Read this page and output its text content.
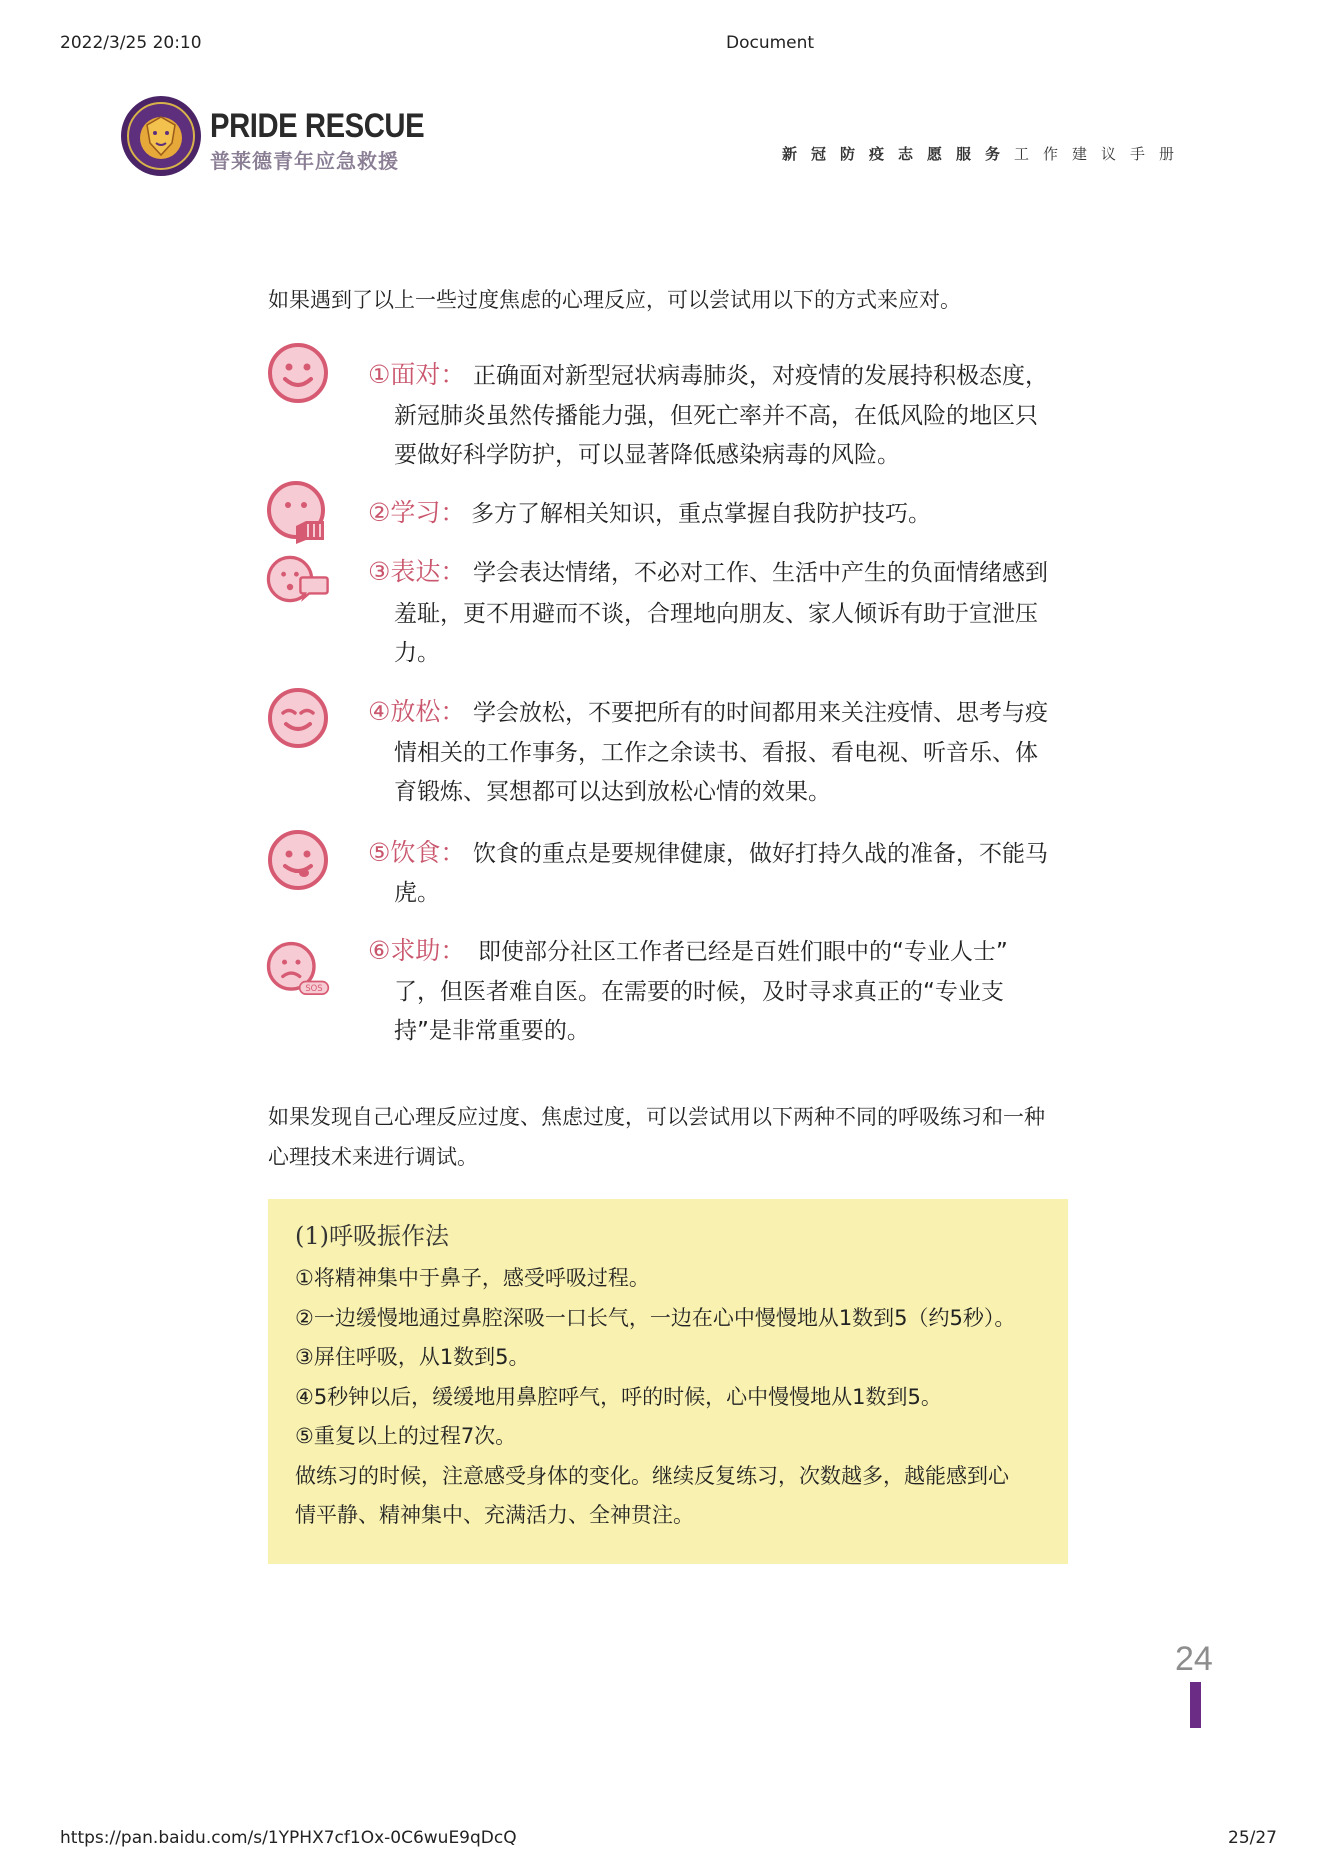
2022/3/25 20:10	Document
PRIDE RESCUE
普莱德青年应急救援	新冠防疫志愿服务工作建议手册
如果遇到了以上一些过度焦虑的心理反应，可以尝试用以下的方式来应对。
①面对： 正确面对新型冠状病毒肺炎，对疫情的发展持积极态度，
新冠肺炎虽然传播能力强，但死亡率并不高，在低风险的地区只
要做好科学防护，可以显著降低感染病毒的风险。
②学习： 多方了解相关知识，重点掌握自我防护技巧。
③表达： 学会表达情绪，不必对工作、生活中产生的负面情绪感到
羞耻，更不用避而不谈，合理地向朋友、家人倾诉有助于宣泄压
力。
④放松： 学会放松，不要把所有的时间都用来关注疫情、思考与疫
情相关的工作事务，工作之余读书、看报、看电视、听音乐、体
育锻炼、冥想都可以达到放松心情的效果。
⑤饮食： 饮食的重点是要规律健康，做好打持久战的准备，不能马
虎。
SOS
⑥求助： 即使部分社区工作者已经是百姓们眼中的“专业人士”
了，但医者难自医。在需要的时候，及时寻求真正的“专业支
持”是非常重要的。
如果发现自己心理反应过度、焦虑过度，可以尝试用以下两种不同的呼吸练习和一种
心理技术来进行调试。
(1)呼吸振作法
①将精神集中于鼻子，感受呼吸过程。
②一边缓慢地通过鼻腔深吸一口长气，一边在心中慢慢地从1数到5（约5秒）。
③屏住呼吸，从1数到5。
④5秒钟以后，缓缓地用鼻腔呼气，呼的时候，心中慢慢地从1数到5。
⑤重复以上的过程7次。
做练习的时候，注意感受身体的变化。继续反复练习，次数越多，越能感到心
情平静、精神集中、充满活力、全神贯注。
24
https://pan.baidu.com/s/1YPHX7cf1Ox-0C6wuE9qDcQ	25/27
